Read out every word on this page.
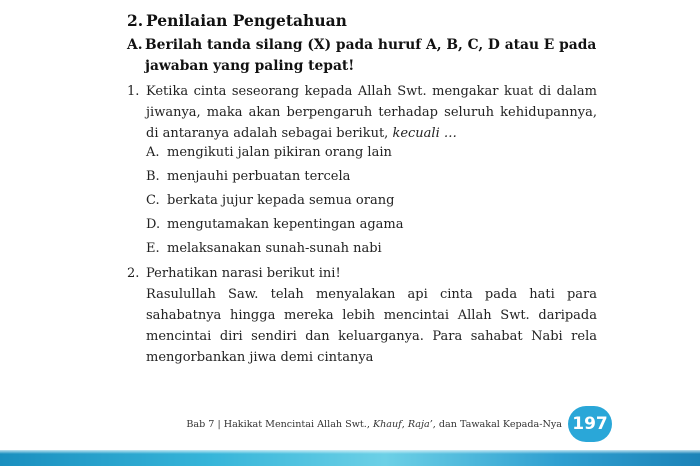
2. Penilaian Pengetahuan
A. Berilah tanda silang (X) pada huruf A, B, C, D atau E pada jawaban yang paling tepat!
1. Ketika cinta seseorang kepada Allah Swt. mengakar kuat di dalam jiwanya, maka akan berpengaruh terhadap seluruh kehidupannya, di antaranya adalah sebagai berikut, kecuali …
A. mengikuti jalan pikiran orang lain
B. menjauhi perbuatan tercela
C. berkata jujur kepada semua orang
D. mengutamakan kepentingan agama
E. melaksanakan sunah-sunah nabi
2. Perhatikan narasi berikut ini!
Rasulullah Saw. telah menyalakan api cinta pada hati para sahabatnya hingga mereka lebih mencintai Allah Swt. daripada mencintai diri sendiri dan keluarganya. Para sahabat Nabi rela mengorbankan jiwa demi cintanya
Bab 7 | Hakikat Mencintai Allah Swt., Khauf, Raja’, dan Tawakal Kepada-Nya 197
